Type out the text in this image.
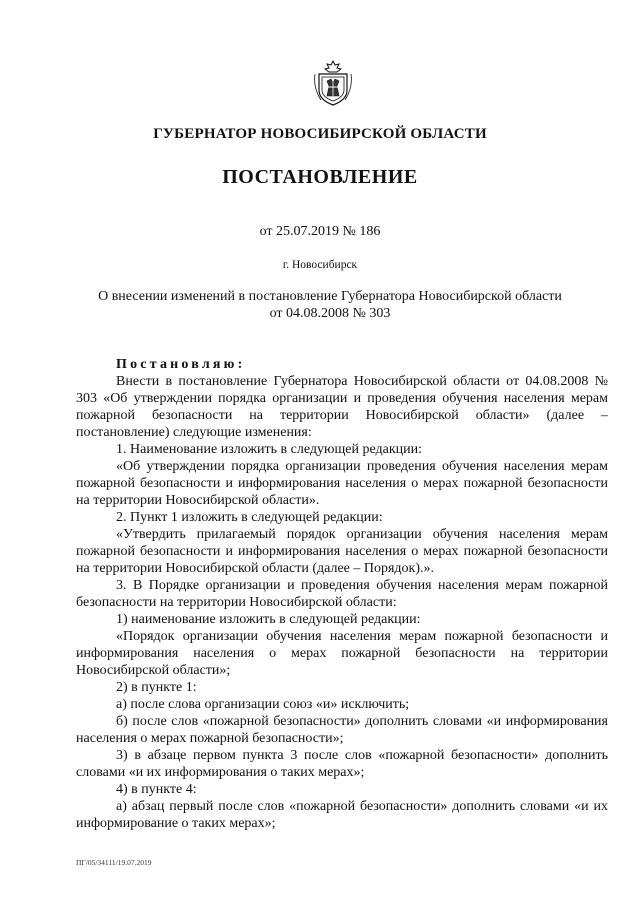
ГУБЕРНАТОР НОВОСИБИРСКОЙ ОБЛАСТИ
ПОСТАНОВЛЕНИЕ
от 25.07.2019 № 186
г. Новосибирск
О внесении изменений в постановление Губернатора Новосибирской области
от 04.08.2008 № 303

Постановляю:

Внести в постановление Губернатора Новосибирской области от 04.08.2008 № 303 «Об утверждении порядка организации и проведения обучения населения мерам пожарной безопасности на территории Новосибирской области» (далее – постановление) следующие изменения:

1. Наименование изложить в следующей редакции:

«Об утверждении порядка организации проведения обучения населения мерам пожарной безопасности и информирования населения о мерах пожарной безопасности на территории Новосибирской области».

2. Пункт 1 изложить в следующей редакции:

«Утвердить прилагаемый порядок организации обучения населения мерам пожарной безопасности и информирования населения о мерах пожарной безопасности на территории Новосибирской области (далее – Порядок).».

3. В Порядке организации и проведения обучения населения мерам пожарной безопасности на территории Новосибирской области:

1) наименование изложить в следующей редакции:

«Порядок организации обучения населения мерам пожарной безопасности и информирования населения о мерах пожарной безопасности на территории Новосибирской области»;

2) в пункте 1:

а) после слова организации союз «и» исключить;

б) после слов «пожарной безопасности» дополнить словами «и информирования населения о мерах пожарной безопасности»;

3) в абзаце первом пункта 3 после слов «пожарной безопасности» дополнить словами «и их информирования о таких мерах»;

4) в пункте 4:

а) абзац первый после слов «пожарной безопасности» дополнить словами «и их информирование о таких мерах»;

ПГ/05/34111/19.07.2019
